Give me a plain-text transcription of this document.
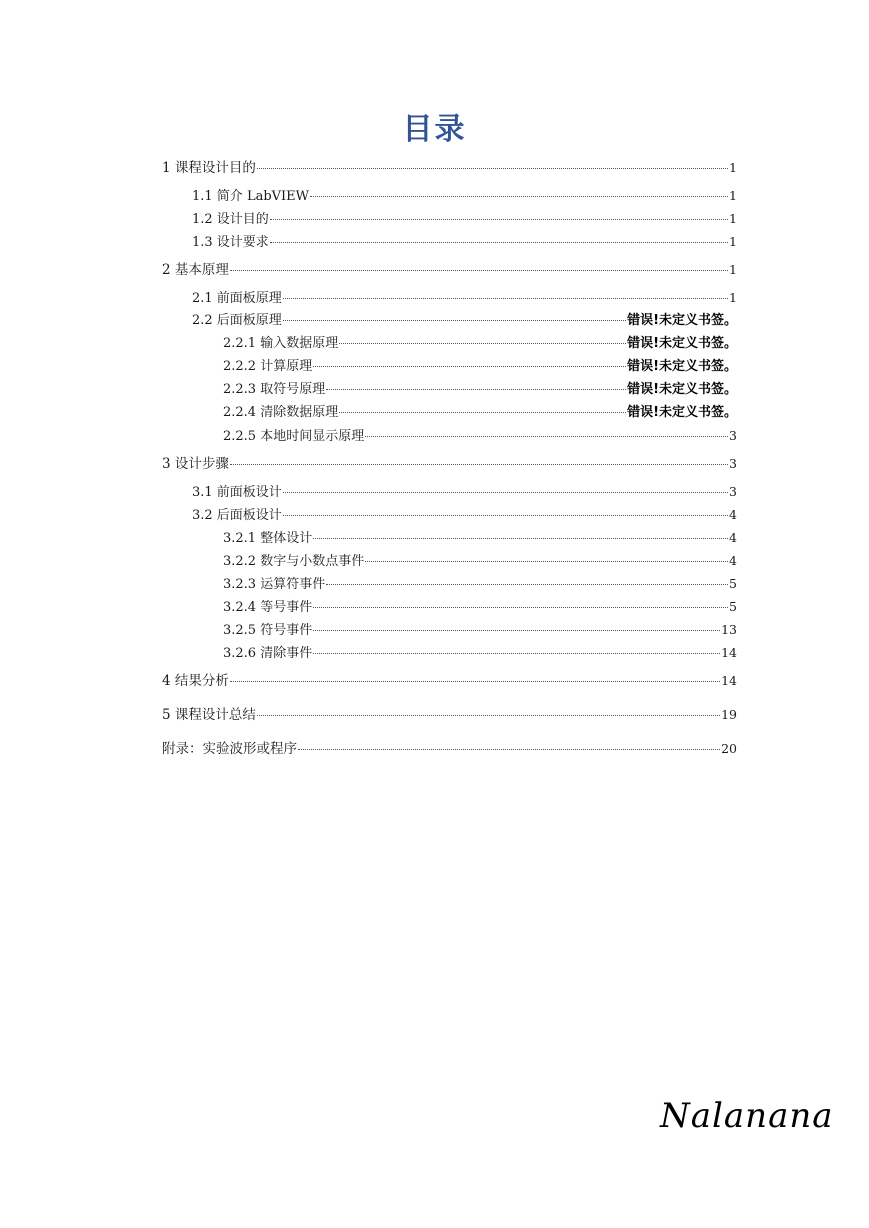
目录
1 课程设计目的	1
1.1 简介 LabVIEW	1
1.2 设计目的	1
1.3 设计要求	1
2 基本原理	1
2.1 前面板原理	1
2.2 后面板原理	错误!未定义书签。
2.2.1 输入数据原理	错误!未定义书签。
2.2.2 计算原理	错误!未定义书签。
2.2.3 取符号原理	错误!未定义书签。
2.2.4 清除数据原理	错误!未定义书签。
2.2.5 本地时间显示原理	3
3 设计步骤	3
3.1 前面板设计	3
3.2 后面板设计	4
3.2.1 整体设计	4
3.2.2 数字与小数点事件	4
3.2.3 运算符事件	5
3.2.4 等号事件	5
3.2.5 符号事件	13
3.2.6 清除事件	14
4 结果分析	14
5 课程设计总结	19
附录：实验波形或程序	20
Nalanana
